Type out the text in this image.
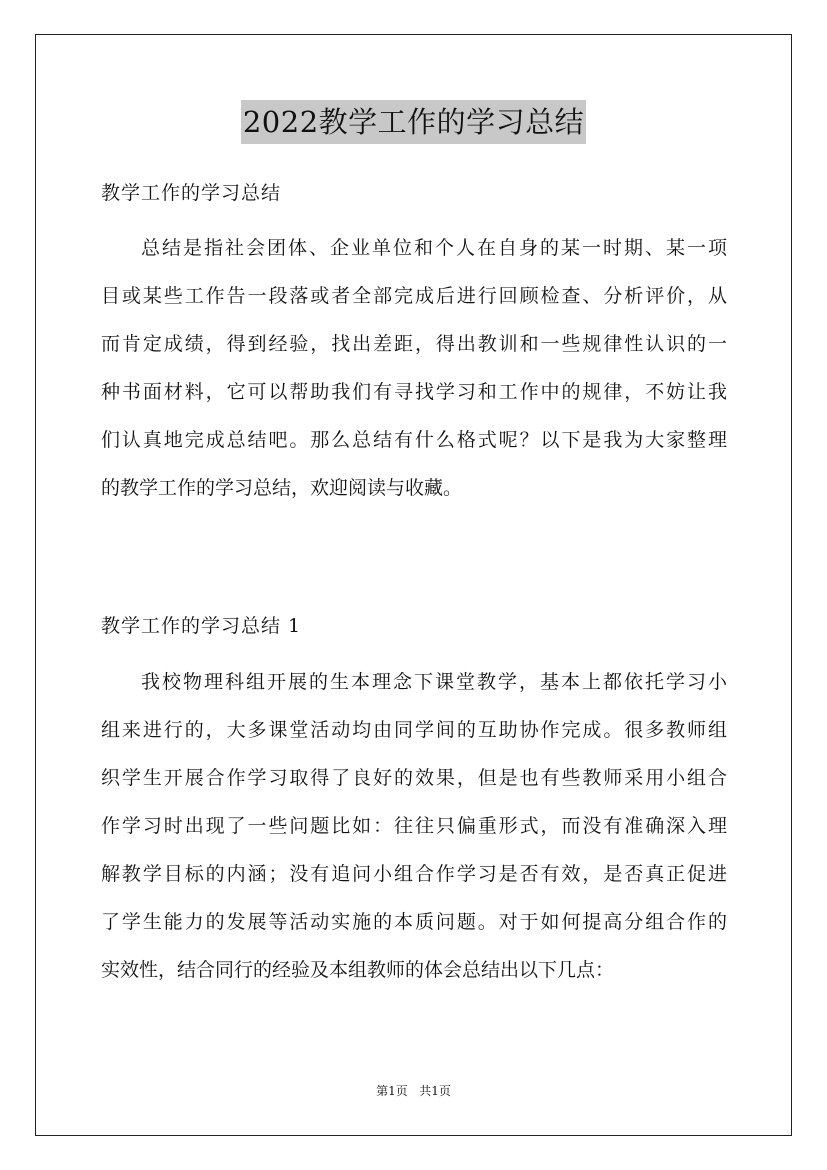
2022教学工作的学习总结
教学工作的学习总结
总结是指社会团体、企业单位和个人在自身的某一时期、某一项
目或某些工作告一段落或者全部完成后进行回顾检查、分析评价，从
而肯定成绩，得到经验，找出差距，得出教训和一些规律性认识的一
种书面材料，它可以帮助我们有寻找学习和工作中的规律，不妨让我
们认真地完成总结吧。那么总结有什么格式呢？以下是我为大家整理
的教学工作的学习总结，欢迎阅读与收藏。
教学工作的学习总结 1
我校物理科组开展的生本理念下课堂教学，基本上都依托学习小
组来进行的，大多课堂活动均由同学间的互助协作完成。很多教师组
织学生开展合作学习取得了良好的效果，但是也有些教师采用小组合
作学习时出现了一些问题比如：往往只偏重形式，而没有准确深入理
解教学目标的内涵；没有追问小组合作学习是否有效，是否真正促进
了学生能力的发展等活动实施的本质问题。对于如何提高分组合作的
实效性，结合同行的经验及本组教师的体会总结出以下几点：
第1页   共1页
